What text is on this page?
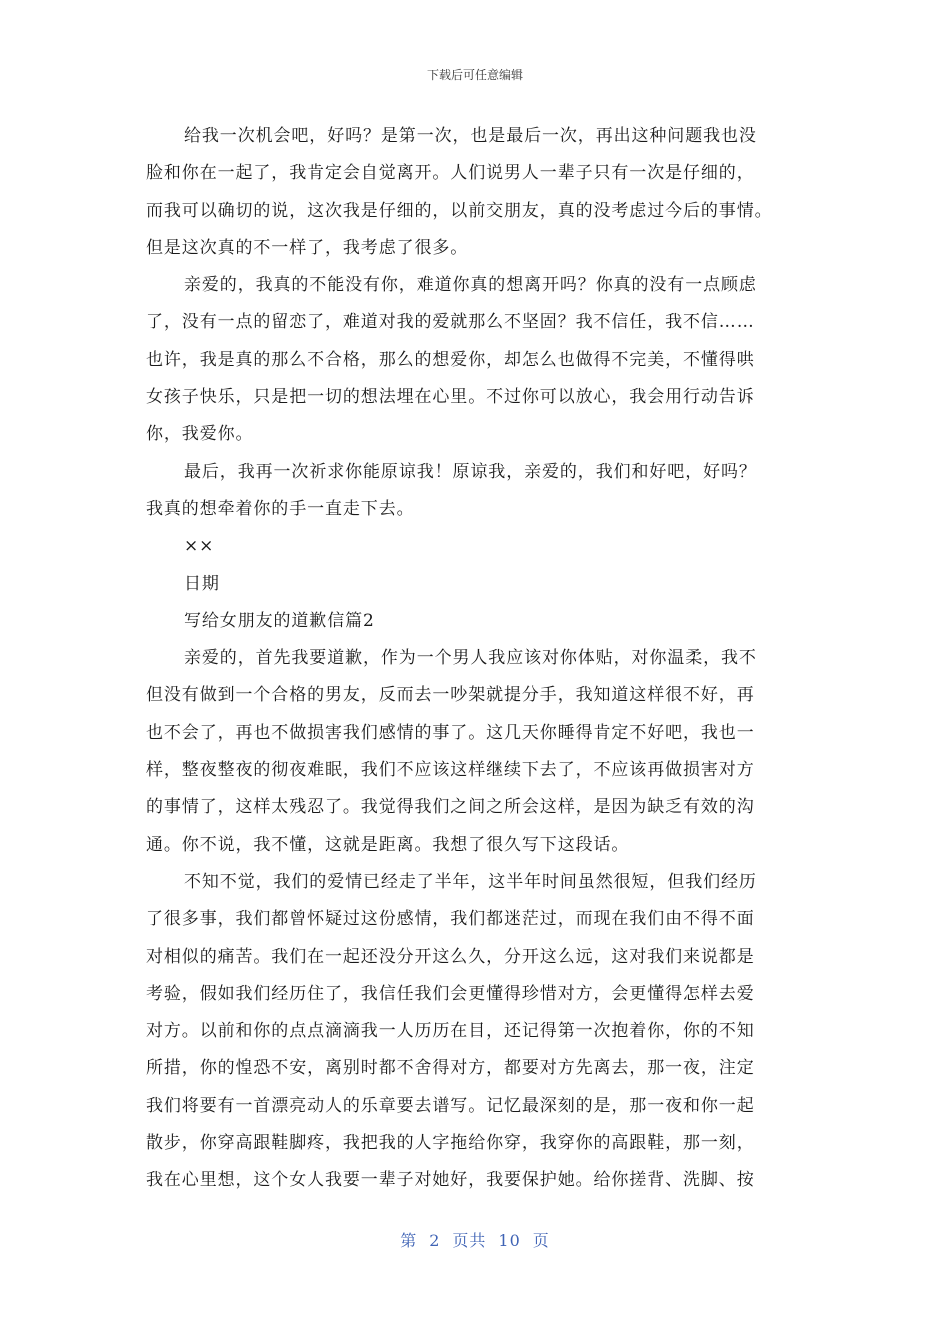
下载后可任意编辑
给我一次机会吧，好吗？是第一次，也是最后一次，再出这种问题我也没
脸和你在一起了，我肯定会自觉离开。人们说男人一辈子只有一次是仔细的，
而我可以确切的说，这次我是仔细的，以前交朋友，真的没考虑过今后的事情。
但是这次真的不一样了，我考虑了很多。
亲爱的，我真的不能没有你，难道你真的想离开吗？你真的没有一点顾虑
了，没有一点的留恋了，难道对我的爱就那么不坚固？我不信任，我不信……
也许，我是真的那么不合格，那么的想爱你，却怎么也做得不完美，不懂得哄
女孩子快乐，只是把一切的想法埋在心里。不过你可以放心，我会用行动告诉
你，我爱你。
最后，我再一次祈求你能原谅我！原谅我，亲爱的，我们和好吧，好吗？
我真的想牵着你的手一直走下去。
××
日期
写给女朋友的道歉信篇2
亲爱的，首先我要道歉，作为一个男人我应该对你体贴，对你温柔，我不
但没有做到一个合格的男友，反而去一吵架就提分手，我知道这样很不好，再
也不会了，再也不做损害我们感情的事了。这几天你睡得肯定不好吧，我也一
样，整夜整夜的彻夜难眠，我们不应该这样继续下去了，不应该再做损害对方
的事情了，这样太残忍了。我觉得我们之间之所会这样，是因为缺乏有效的沟
通。你不说，我不懂，这就是距离。我想了很久写下这段话。
不知不觉，我们的爱情已经走了半年，这半年时间虽然很短，但我们经历
了很多事，我们都曾怀疑过这份感情，我们都迷茫过，而现在我们由不得不面
对相似的痛苦。我们在一起还没分开这么久，分开这么远，这对我们来说都是
考验，假如我们经历住了，我信任我们会更懂得珍惜对方，会更懂得怎样去爱
对方。以前和你的点点滴滴我一人历历在目，还记得第一次抱着你，你的不知
所措，你的惶恐不安，离别时都不舍得对方，都要对方先离去，那一夜，注定
我们将要有一首漂亮动人的乐章要去谱写。记忆最深刻的是，那一夜和你一起
散步，你穿高跟鞋脚疼，我把我的人字拖给你穿，我穿你的高跟鞋，那一刻，
我在心里想，这个女人我要一辈子对她好，我要保护她。给你搓背、洗脚、按
第 2 页共 10 页
